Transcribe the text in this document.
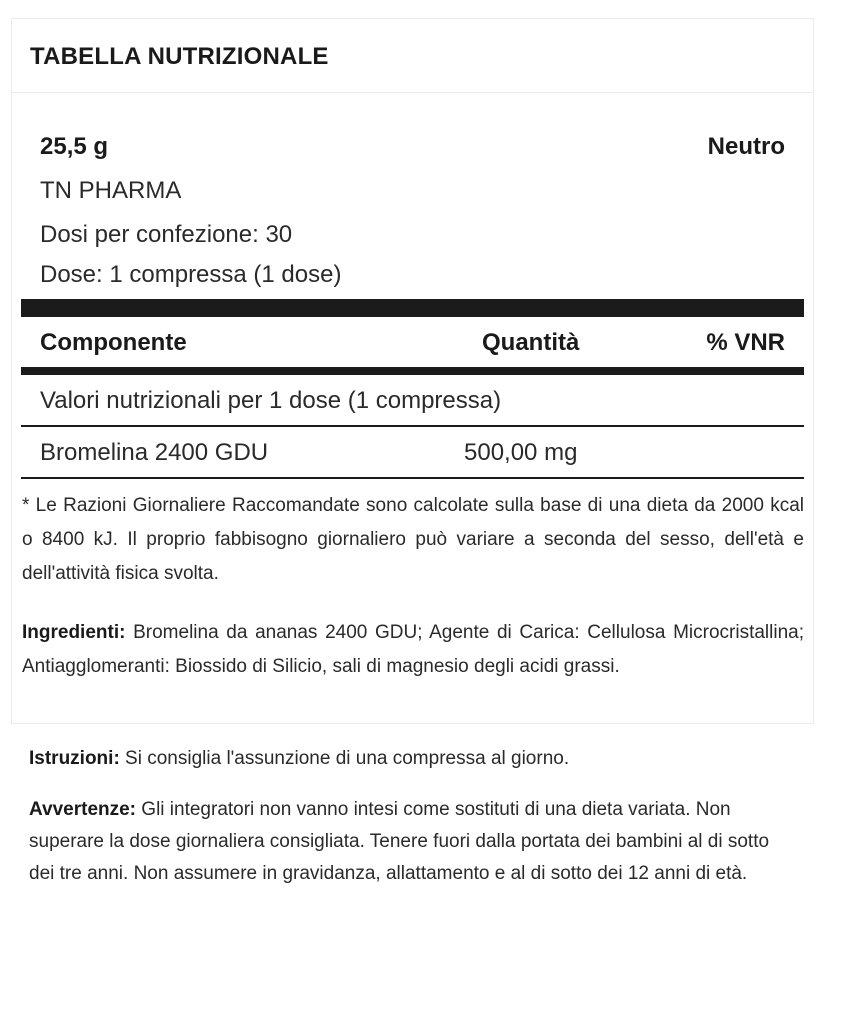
TABELLA NUTRIZIONALE
25,5 g	Neutro
TN PHARMA
Dosi per confezione: 30
Dose: 1 compressa (1 dose)
Componente	Quantità	% VNR
Valori nutrizionali per 1 dose (1 compressa)
Bromelina 2400 GDU	500,00 mg
* Le Razioni Giornaliere Raccomandate sono calcolate sulla base di una dieta da 2000 kcal o 8400 kJ. Il proprio fabbisogno giornaliero può variare a seconda del sesso, dell'età e dell'attività fisica svolta.
Ingredienti: Bromelina da ananas 2400 GDU; Agente di Carica: Cellulosa Microcristallina; Antiagglomeranti: Biossido di Silicio, sali di magnesio degli acidi grassi.
Istruzioni: Si consiglia l'assunzione di una compressa al giorno.

Avvertenze: Gli integratori non vanno intesi come sostituti di una dieta variata. Non

superare la dose giornaliera consigliata. Tenere fuori dalla portata dei bambini al di sotto

dei tre anni. Non assumere in gravidanza, allattamento e al di sotto dei 12 anni di età.
